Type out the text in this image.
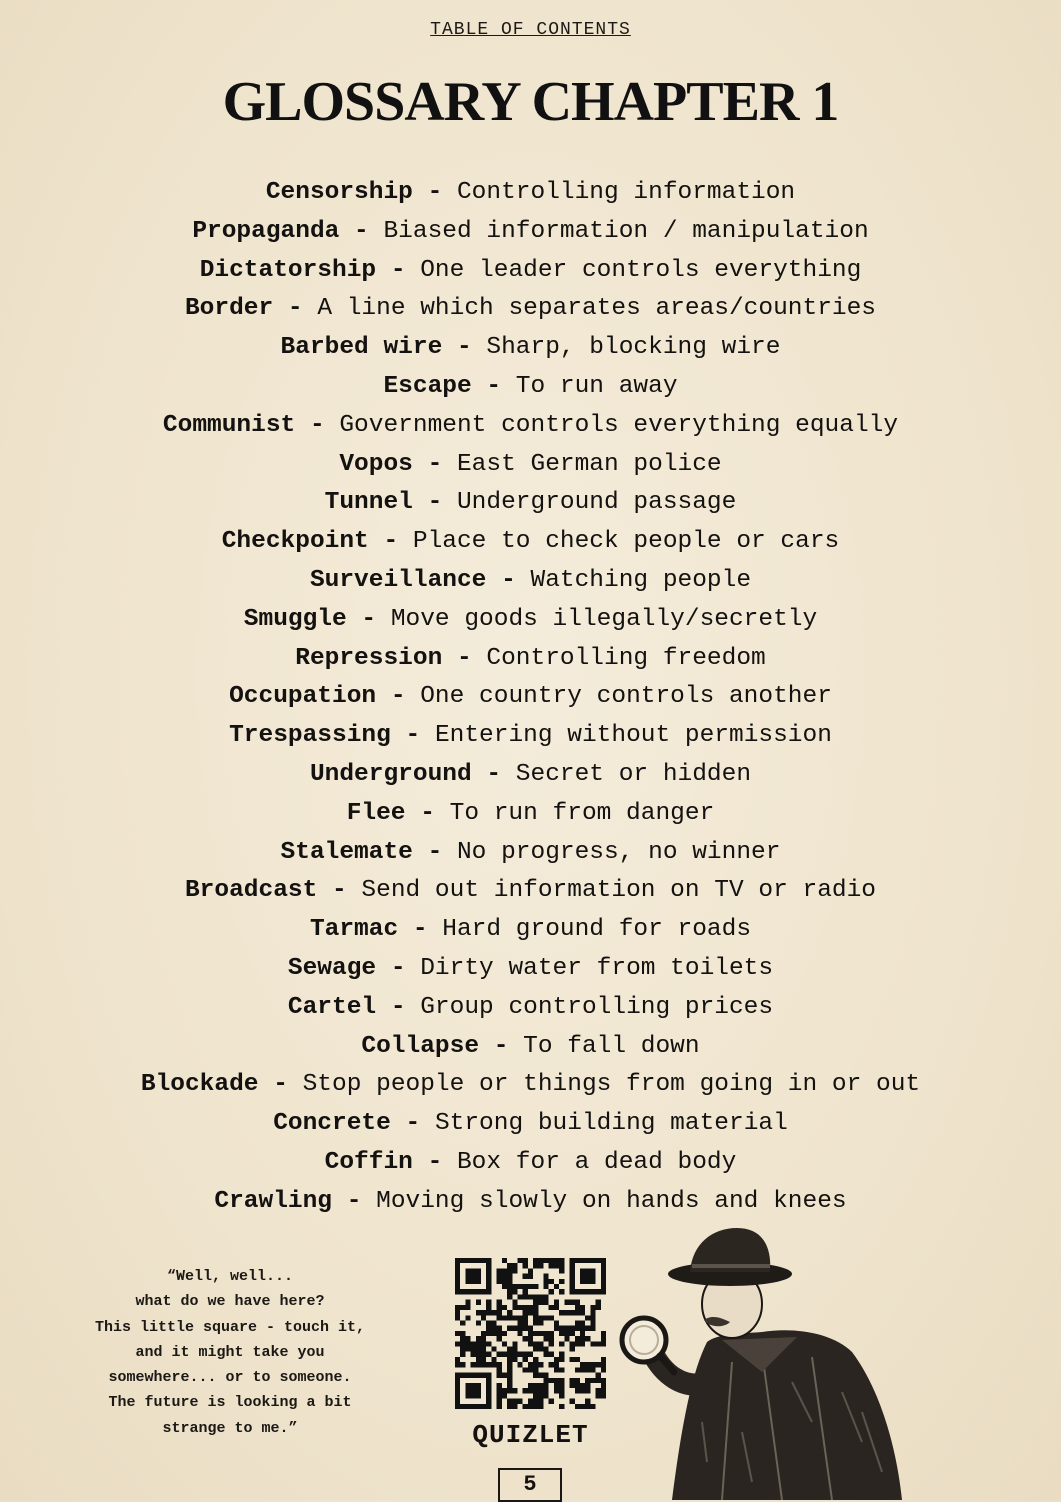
TABLE OF CONTENTS
GLOSSARY CHAPTER 1
Censorship - Controlling information
Propaganda - Biased information / manipulation
Dictatorship - One leader controls everything
Border - A line which separates areas/countries
Barbed wire - Sharp, blocking wire
Escape - To run away
Communist - Government controls everything equally
Vopos - East German police
Tunnel - Underground passage
Checkpoint - Place to check people or cars
Surveillance - Watching people
Smuggle - Move goods illegally/secretly
Repression - Controlling freedom
Occupation - One country controls another
Trespassing - Entering without permission
Underground - Secret or hidden
Flee - To run from danger
Stalemate - No progress, no winner
Broadcast - Send out information on TV or radio
Tarmac - Hard ground for roads
Sewage - Dirty water from toilets
Cartel - Group controlling prices
Collapse - To fall down
Blockade - Stop people or things from going in or out
Concrete - Strong building material
Coffin - Box for a dead body
Crawling - Moving slowly on hands and knees
“Well, well...
what do we have here?
This little square - touch it,
and it might take you
somewhere... or to someone.
The future is looking a bit
strange to me.”	QUIZLET
5
